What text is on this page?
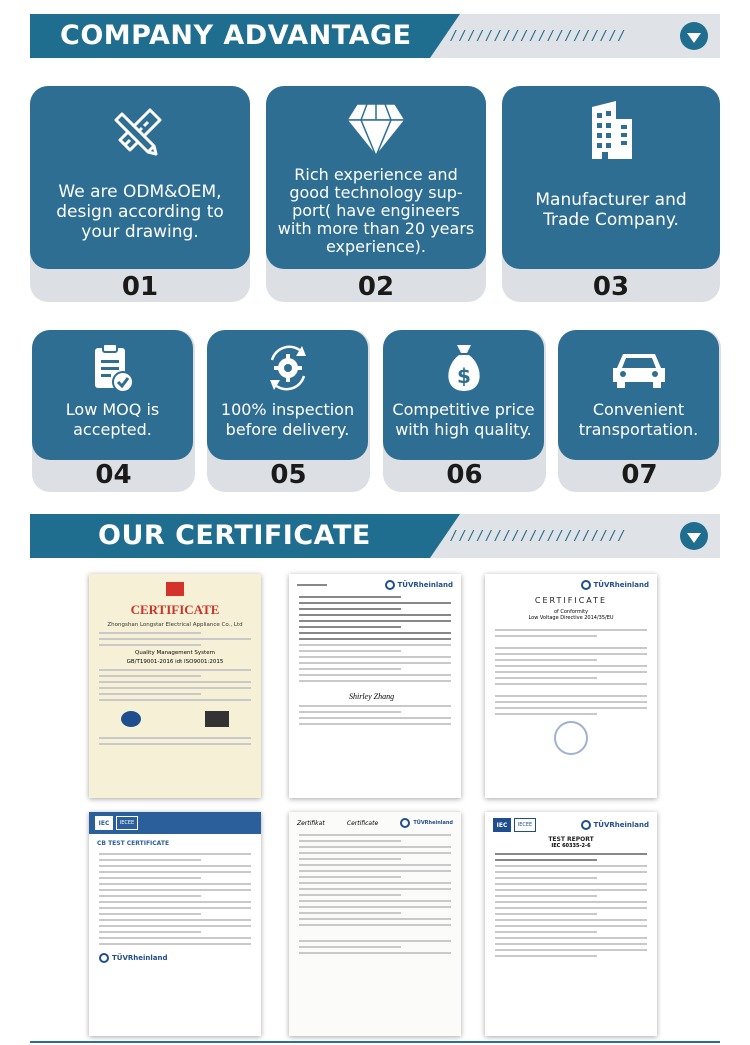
COMPANY ADVANTAGE	////////////////////
We are ODM&OEM, design according to your drawing.
01
Rich experience and good technology sup-port( have engineers with more than 20 years experience).
02
Manufacturer and Trade Company.
03
Low MOQ is accepted.
04
100% inspection before delivery.
05
$
Competitive price with high quality.
06
Convenient transportation.
07
OUR CERTIFICATE	////////////////////
CERTIFICATE
Zhongshan Longstar Electrical Appliance Co., Ltd
Quality Management System
GB/T19001-2016 idt ISO9001:2015
TÜVRheinland
Shirley Zhang
TÜVRheinland
CERTIFICATE
of Conformity
Low Voltage Directive 2014/35/EU
IEC	IECEE
CB TEST CERTIFICATE
TÜVRheinland
Zertifikat	Certificate	TÜVRheinland	IEC	IECEE	TÜVRheinland
TEST REPORT
IEC 60335-2-6
